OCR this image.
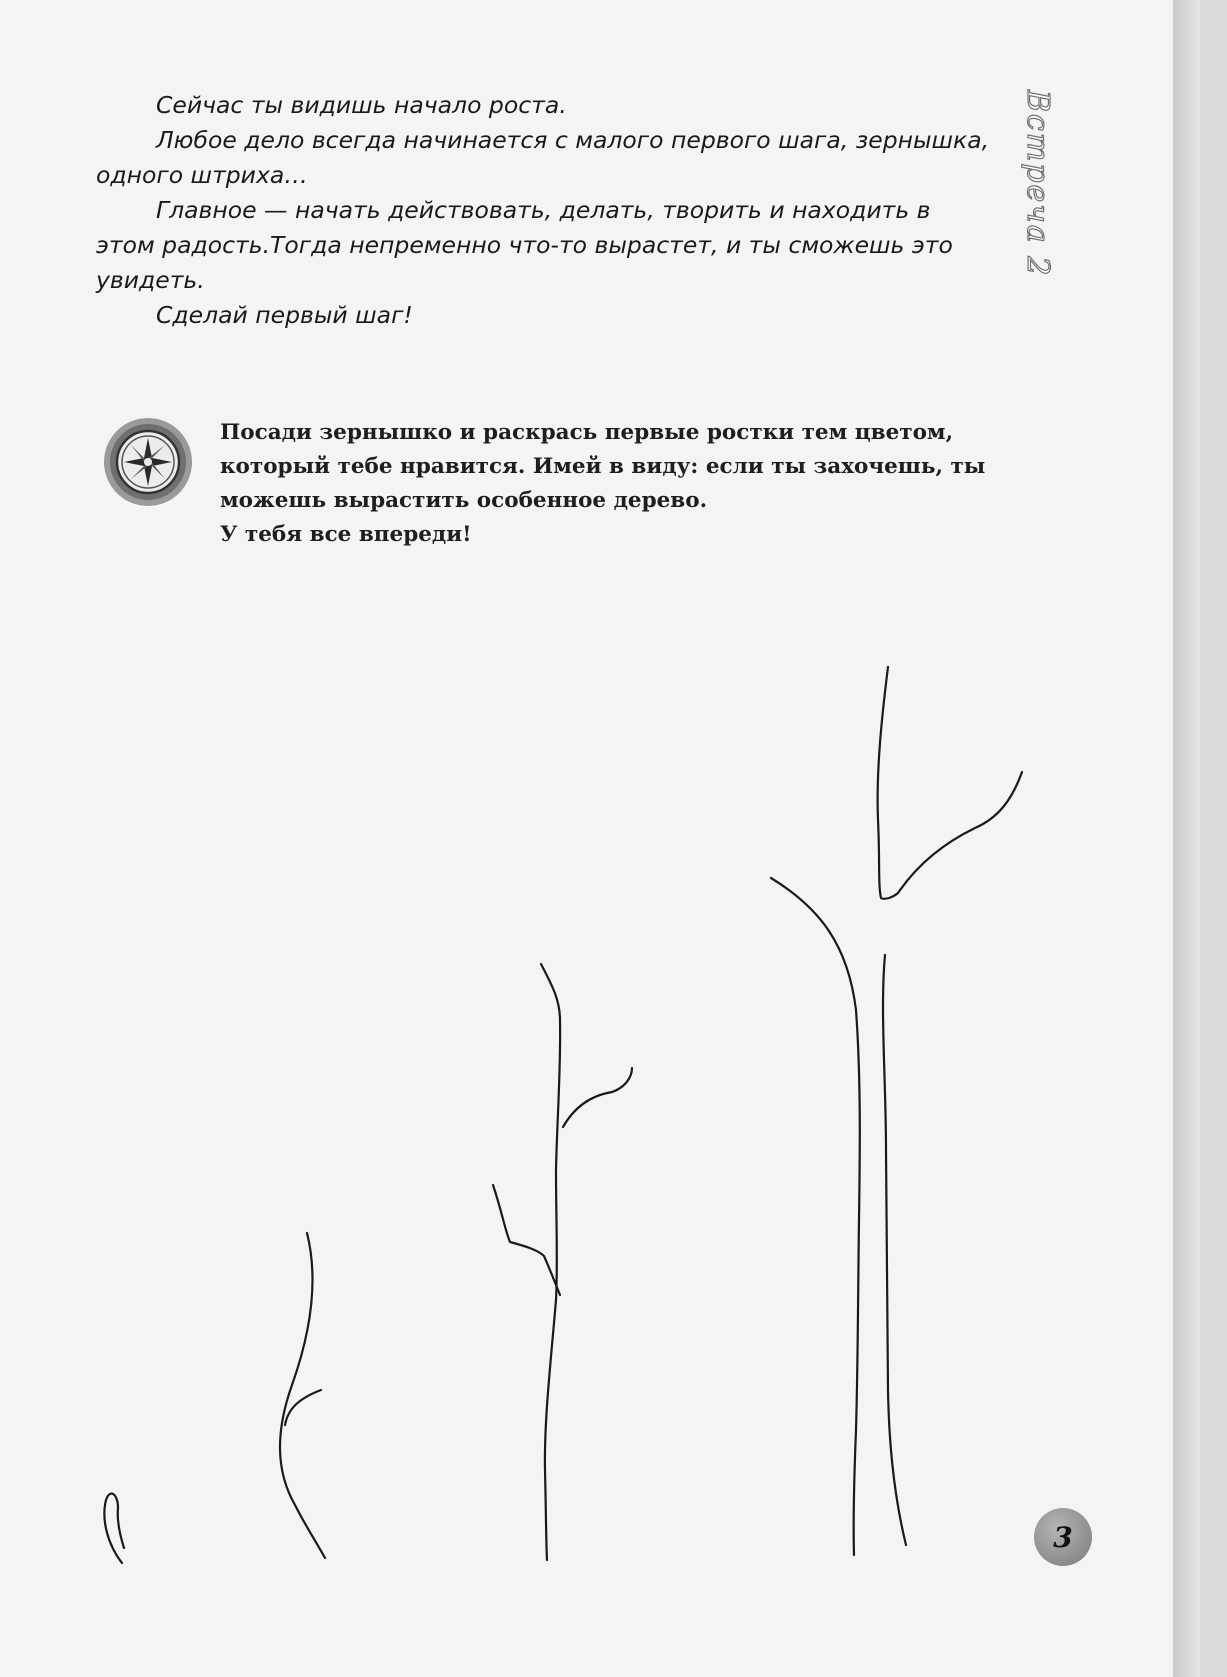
Сейчас ты видишь начало роста.

Любое дело всегда начинается с малого первого шага, зернышка, одного штриха…

Главное — начать действовать, делать, творить и находить в этом радость.Тогда непременно что-то вырастет, и ты сможешь это увидеть.

Сделай первый шаг!

Встреча 2

Посади зернышко и раскрась первые ростки тем цветом, который тебе нравится. Имей в виду: если ты захочешь, ты можешь вырастить особенное дерево.

У тебя все впереди!

3
